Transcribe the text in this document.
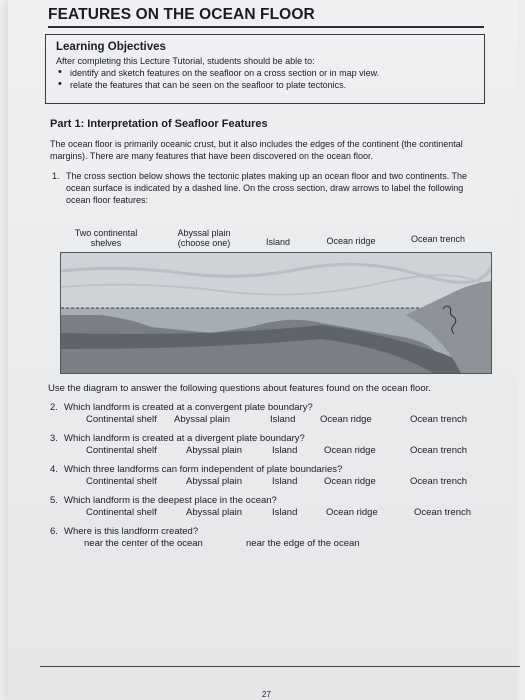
FEATURES ON THE OCEAN FLOOR
Learning Objectives
After completing this Lecture Tutorial, students should be able to:
• identify and sketch features on the seafloor on a cross section or in map view.
• relate the features that can be seen on the seafloor to plate tectonics.
Part 1: Interpretation of Seafloor Features
The ocean floor is primarily oceanic crust, but it also includes the edges of the continent (the continental margins). There are many features that have been discovered on the ocean floor.
1. The cross section below shows the tectonic plates making up an ocean floor and two continents. The ocean surface is indicated by a dashed line. On the cross section, draw arrows to label the following ocean floor features:
Two continental
shelves
Abyssal plain
(choose one)	Island	Ocean ridge	Ocean trench
Use the diagram to answer the following questions about features found on the ocean floor.
2. Which landform is created at a convergent plate boundary?
Continental shelf Abyssal plain	Island	Ocean ridge	Ocean trench
3. Which landform is created at a divergent plate boundary?
Continental shelf	Abyssal plain	Island	Ocean ridge	Ocean trench
4. Which three landforms can form independent of plate boundaries?
Continental shelf	Abyssal plain	Island	Ocean ridge	Ocean trench
5. Which landform is the deepest place in the ocean?
Continental shelf	Abyssal plain	Island	Ocean ridge	Ocean trench
6. Where is this landform created?
near the center of the ocean	near the edge of the ocean
27
